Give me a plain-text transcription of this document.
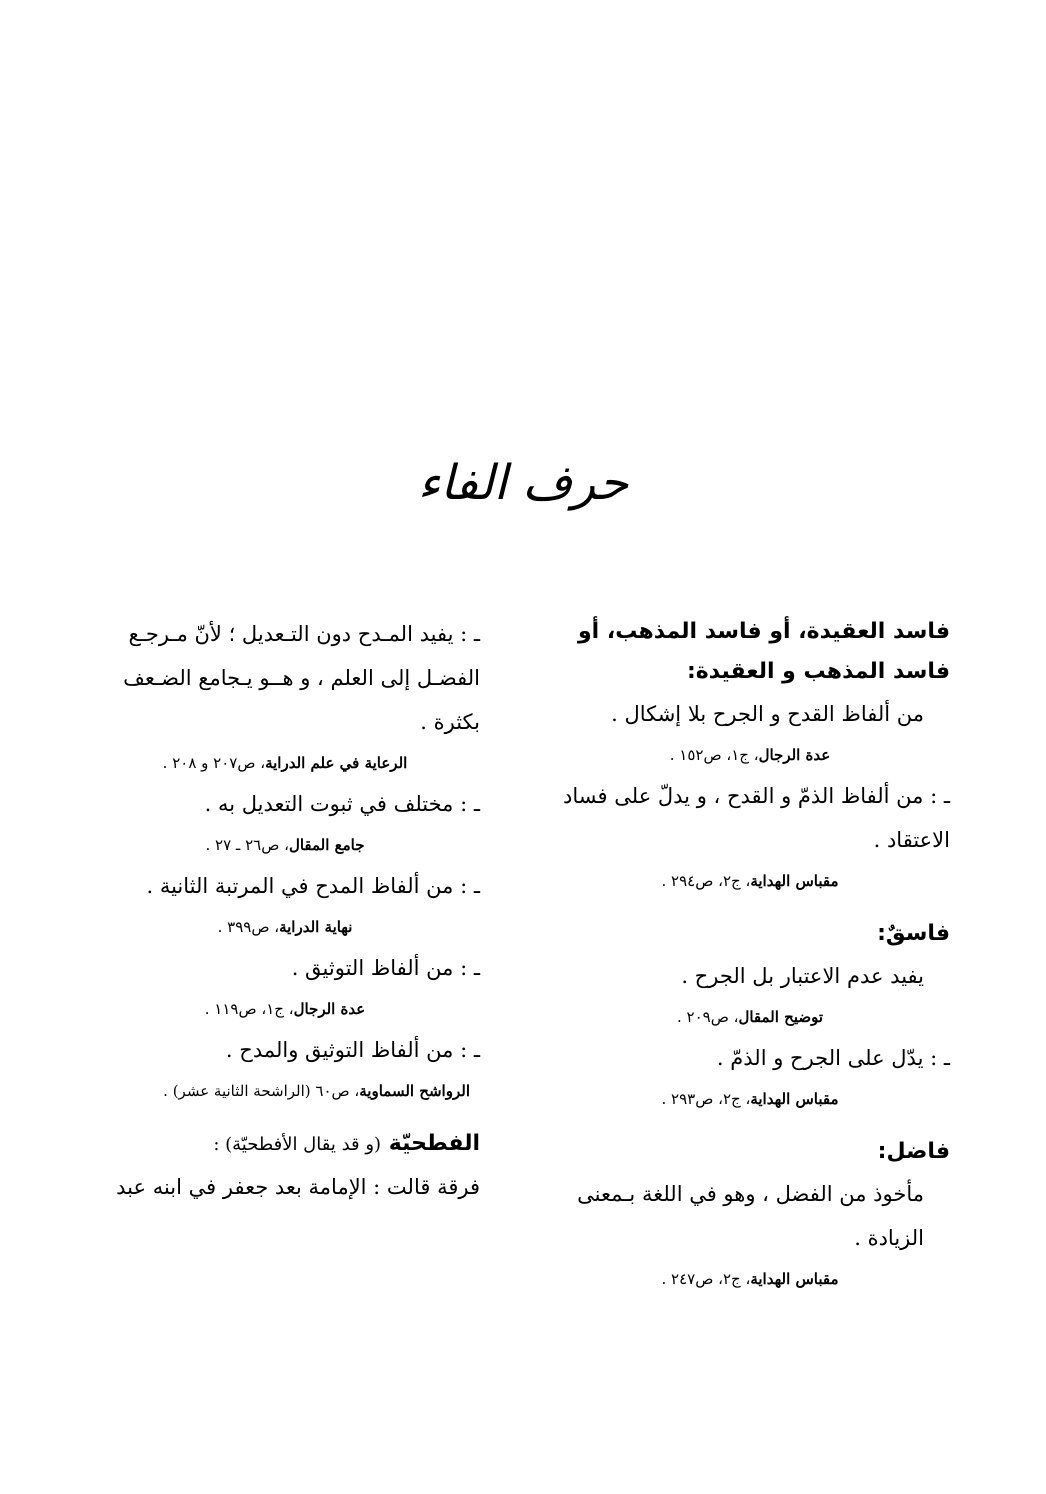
حرف الفاء

فاسد العقيدة، أو فاسد المذهب، أو فاسد المذهب و العقيدة:

من ألفاظ القدح و الجرح بلا إشكال .

عدة الرجال، ج۱، ص١٥٢ .

ـ : من ألفاظ الذمّ و القدح ، و يدلّ على فساد الاعتقاد .

مقباس الهداية، ج٢، ص٢٩٤ .

فاسقٌ:

يفيد عدم الاعتبار بل الجرح .

توضيح المقال، ص٢٠٩ .

ـ : يدّل على الجرح و الذمّ .

مقباس الهداية، ج٢، ص٢٩٣ .

فاضل:

مأخوذ من الفضل ، وهو في اللغة بـمعنى الزيادة .

مقباس الهداية، ج٢، ص٢٤٧ .

ـ : يفيد المـدح دون التـعديل ؛ لأنّ مـرجـع الفضـل إلى العلم ، و هــو يـجامع الضـعف بكثرة .

الرعاية في علم الدراية، ص٢٠٧ و ٢٠٨ .

ـ : مختلف في ثبوت التعديل به .

جامع المقال، ص٢٦ ـ ٢٧ .

ـ : من ألفاظ المدح في المرتبة الثانية .

نهاية الدراية، ص٣٩٩ .

ـ : من ألفاظ التوثيق .

عدة الرجال، ج۱، ص١١٩ .

ـ : من ألفاظ التوثيق والمدح .

الرواشح السماوية، ص٦٠ (الراشحة الثانية عشر) .

الفطحيّة (و قد يقال الأفطحيّة) :

فرقة قالت : الإمامة بعد جعفر في ابنه عبد
